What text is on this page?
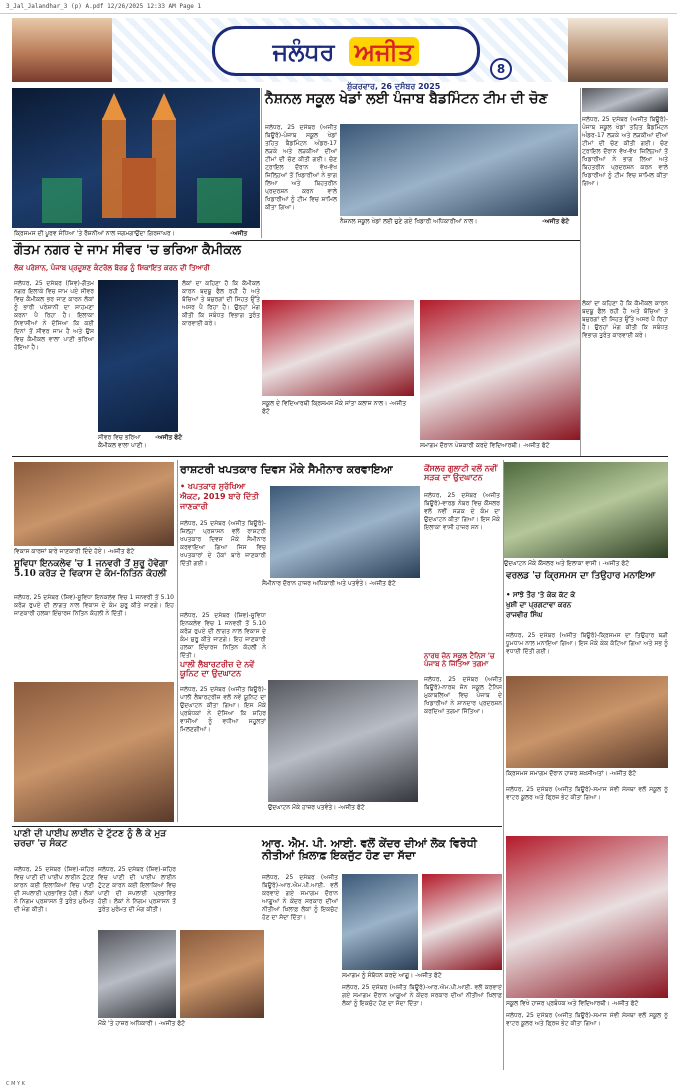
3_Jal_Jalandhar_3 (p) A.pdf 12/26/2025 12:33 AM Page 1
ਜਲੰਧਰ ਅਜੀਤ
ਸ਼ੁੱਕਰਵਾਰ, 26 ਦਸੰਬਰ 2025
8
ਕ੍ਰਿਸਮਸ ਦੀ ਪੂਰਵ ਸੰਧਿਆ 'ਤੇ ਰੌਸ਼ਨੀਆਂ ਨਾਲ ਜਗਮਗਾਉਂਦਾ ਗਿਰਜਾਘਰ।	-ਅਜੀਤ
ਨੈਸ਼ਨਲ ਸਕੂਲ ਖੇਡਾਂ ਲਈ ਪੰਜਾਬ ਬੈਡਮਿੰਟਨ ਟੀਮ ਦੀ ਚੋਣ
ਜਲੰਧਰ, 25 ਦਸੰਬਰ (ਅਜੀਤ ਬਿਊਰੋ)-ਪੰਜਾਬ ਸਕੂਲ ਖੇਡਾਂ ਤਹਿਤ ਬੈਡਮਿੰਟਨ ਅੰਡਰ-17 ਲੜਕੇ ਅਤੇ ਲੜਕੀਆਂ ਦੀਆਂ ਟੀਮਾਂ ਦੀ ਚੋਣ ਕੀਤੀ ਗਈ। ਚੋਣ ਟ੍ਰਾਇਲ ਦੌਰਾਨ ਵੱਖ-ਵੱਖ ਜ਼ਿਲ੍ਹਿਆਂ ਤੋਂ ਖਿਡਾਰੀਆਂ ਨੇ ਭਾਗ ਲਿਆ ਅਤੇ ਬਿਹਤਰੀਨ ਪ੍ਰਦਰਸ਼ਨ ਕਰਨ ਵਾਲੇ ਖਿਡਾਰੀਆਂ ਨੂੰ ਟੀਮ ਵਿਚ ਸ਼ਾਮਿਲ ਕੀਤਾ ਗਿਆ।
ਨੈਸ਼ਨਲ ਸਕੂਲ ਖੇਡਾਂ ਲਈ ਚੁਣੇ ਗਏ ਖਿਡਾਰੀ ਅਧਿਕਾਰੀਆਂ ਨਾਲ।	-ਅਜੀਤ ਫੋਟੋ
ਜਲੰਧਰ, 25 ਦਸੰਬਰ (ਅਜੀਤ ਬਿਊਰੋ)-ਪੰਜਾਬ ਸਕੂਲ ਖੇਡਾਂ ਤਹਿਤ ਬੈਡਮਿੰਟਨ ਅੰਡਰ-17 ਲੜਕੇ ਅਤੇ ਲੜਕੀਆਂ ਦੀਆਂ ਟੀਮਾਂ ਦੀ ਚੋਣ ਕੀਤੀ ਗਈ। ਚੋਣ ਟ੍ਰਾਇਲ ਦੌਰਾਨ ਵੱਖ-ਵੱਖ ਜ਼ਿਲ੍ਹਿਆਂ ਤੋਂ ਖਿਡਾਰੀਆਂ ਨੇ ਭਾਗ ਲਿਆ ਅਤੇ ਬਿਹਤਰੀਨ ਪ੍ਰਦਰਸ਼ਨ ਕਰਨ ਵਾਲੇ ਖਿਡਾਰੀਆਂ ਨੂੰ ਟੀਮ ਵਿਚ ਸ਼ਾਮਿਲ ਕੀਤਾ ਗਿਆ।
ਗੌਤਮ ਨਗਰ ਦੇ ਜਾਮ ਸੀਵਰ 'ਚ ਭਰਿਆ ਕੈਮੀਕਲ
ਲੋਕ ਪਰੇਸ਼ਾਨ, ਪੰਜਾਬ ਪ੍ਰਦੂਸ਼ਣ ਕੰਟਰੋਲ ਬੋਰਡ ਨੂੰ ਸ਼ਿਕਾਇਤ ਕਰਨ ਦੀ ਤਿਆਰੀ
ਜਲੰਧਰ, 25 ਦਸੰਬਰ (ਸ਼ਿਵ)-ਗੌਤਮ ਨਗਰ ਇਲਾਕੇ ਵਿਚ ਜਾਮ ਪਏ ਸੀਵਰ ਵਿਚ ਕੈਮੀਕਲ ਭਰ ਜਾਣ ਕਾਰਨ ਲੋਕਾਂ ਨੂੰ ਭਾਰੀ ਪਰੇਸ਼ਾਨੀ ਦਾ ਸਾਹਮਣਾ ਕਰਨਾ ਪੈ ਰਿਹਾ ਹੈ। ਇਲਾਕਾ ਨਿਵਾਸੀਆਂ ਨੇ ਦੱਸਿਆ ਕਿ ਕਈ ਦਿਨਾਂ ਤੋਂ ਸੀਵਰ ਜਾਮ ਹੈ ਅਤੇ ਉਸ ਵਿਚ ਕੈਮੀਕਲ ਵਾਲਾ ਪਾਣੀ ਭਰਿਆ ਹੋਇਆ ਹੈ।
ਸੀਵਰ ਵਿਚ ਭਰਿਆ ਕੈਮੀਕਲ ਵਾਲਾ ਪਾਣੀ।
-ਅਜੀਤ ਫੋਟੋ
ਲੋਕਾਂ ਦਾ ਕਹਿਣਾ ਹੈ ਕਿ ਕੈਮੀਕਲ ਕਾਰਨ ਬਦਬੂ ਫੈਲ ਰਹੀ ਹੈ ਅਤੇ ਬੱਚਿਆਂ ਤੇ ਬਜ਼ੁਰਗਾਂ ਦੀ ਸਿਹਤ ਉੱਤੇ ਅਸਰ ਪੈ ਰਿਹਾ ਹੈ। ਉਨ੍ਹਾਂ ਮੰਗ ਕੀਤੀ ਕਿ ਸਬੰਧਤ ਵਿਭਾਗ ਤੁਰੰਤ ਕਾਰਵਾਈ ਕਰੇ।
ਸਕੂਲ ਦੇ ਵਿਦਿਆਰਥੀ ਕ੍ਰਿਸਮਸ ਮੌਕੇ ਸਾਂਤਾ ਕਲਾਜ਼ ਨਾਲ। -ਅਜੀਤ ਫੋਟੋ
ਸਮਾਗਮ ਦੌਰਾਨ ਪੇਸ਼ਕਾਰੀ ਕਰਦੇ ਵਿਦਿਆਰਥੀ। -ਅਜੀਤ ਫੋਟੋ
ਲੋਕਾਂ ਦਾ ਕਹਿਣਾ ਹੈ ਕਿ ਕੈਮੀਕਲ ਕਾਰਨ ਬਦਬੂ ਫੈਲ ਰਹੀ ਹੈ ਅਤੇ ਬੱਚਿਆਂ ਤੇ ਬਜ਼ੁਰਗਾਂ ਦੀ ਸਿਹਤ ਉੱਤੇ ਅਸਰ ਪੈ ਰਿਹਾ ਹੈ। ਉਨ੍ਹਾਂ ਮੰਗ ਕੀਤੀ ਕਿ ਸਬੰਧਤ ਵਿਭਾਗ ਤੁਰੰਤ ਕਾਰਵਾਈ ਕਰੇ।
ਵਿਕਾਸ ਕਾਰਜਾਂ ਬਾਰੇ ਜਾਣਕਾਰੀ ਦਿੰਦੇ ਹੋਏ। -ਅਜੀਤ ਫੋਟੋ
ਰਾਸ਼ਟਰੀ ਖਪਤਕਾਰ ਦਿਵਸ ਮੌਕੇ ਸੈਮੀਨਾਰ ਕਰਵਾਇਆ
• ਖਪਤਕਾਰ ਸੁਰੱਖਿਆ ਐਕਟ, 2019 ਬਾਰੇ ਦਿੱਤੀ ਜਾਣਕਾਰੀ
ਜਲੰਧਰ, 25 ਦਸੰਬਰ (ਅਜੀਤ ਬਿਊਰੋ)-ਜ਼ਿਲ੍ਹਾ ਪ੍ਰਸ਼ਾਸਨ ਵਲੋਂ ਰਾਸ਼ਟਰੀ ਖਪਤਕਾਰ ਦਿਵਸ ਮੌਕੇ ਸੈਮੀਨਾਰ ਕਰਵਾਇਆ ਗਿਆ ਜਿਸ ਵਿਚ ਖਪਤਕਾਰਾਂ ਦੇ ਹੱਕਾਂ ਬਾਰੇ ਜਾਣਕਾਰੀ ਦਿੱਤੀ ਗਈ।
ਸੈਮੀਨਾਰ ਦੌਰਾਨ ਹਾਜ਼ਰ ਅਧਿਕਾਰੀ ਅਤੇ ਪਤਵੰਤੇ। -ਅਜੀਤ ਫੋਟੋ
ਕੌਂਸਲਰ ਗੁਲਾਟੀ ਵਲੋਂ ਨਵੀਂ ਸੜਕ ਦਾ ਉਦਘਾਟਨ
ਜਲੰਧਰ, 25 ਦਸੰਬਰ (ਅਜੀਤ ਬਿਊਰੋ)-ਵਾਰਡ ਨੰਬਰ ਵਿਚ ਕੌਂਸਲਰ ਵਲੋਂ ਨਵੀਂ ਸੜਕ ਦੇ ਕੰਮ ਦਾ ਉਦਘਾਟਨ ਕੀਤਾ ਗਿਆ। ਇਸ ਮੌਕੇ ਇਲਾਕਾ ਵਾਸੀ ਹਾਜ਼ਰ ਸਨ।
ਉਦਘਾਟਨ ਮੌਕੇ ਕੌਂਸਲਰ ਅਤੇ ਇਲਾਕਾ ਵਾਸੀ। -ਅਜੀਤ ਫੋਟੋ
ਸੂਵਿਧਾ ਇਨਕਲੇਵ 'ਚ 1 ਜਨਵਰੀ ਤੋਂ ਸ਼ੁਰੂ ਹੋਵੇਗਾ 5.10 ਕਰੋੜ ਦੇ ਵਿਕਾਸ ਦੇ ਕੰਮ-ਨਿਤਿਨ ਕੋਹਲੀ
ਜਲੰਧਰ, 25 ਦਸੰਬਰ (ਸ਼ਿਵ)-ਸੂਵਿਧਾ ਇਨਕਲੇਵ ਵਿਚ 1 ਜਨਵਰੀ ਤੋਂ 5.10 ਕਰੋੜ ਰੁਪਏ ਦੀ ਲਾਗਤ ਨਾਲ ਵਿਕਾਸ ਦੇ ਕੰਮ ਸ਼ੁਰੂ ਕੀਤੇ ਜਾਣਗੇ। ਇਹ ਜਾਣਕਾਰੀ ਹਲਕਾ ਇੰਚਾਰਜ ਨਿਤਿਨ ਕੋਹਲੀ ਨੇ ਦਿੱਤੀ।	ਜਲੰਧਰ, 25 ਦਸੰਬਰ (ਸ਼ਿਵ)-ਸੂਵਿਧਾ ਇਨਕਲੇਵ ਵਿਚ 1 ਜਨਵਰੀ ਤੋਂ 5.10 ਕਰੋੜ ਰੁਪਏ ਦੀ ਲਾਗਤ ਨਾਲ ਵਿਕਾਸ ਦੇ ਕੰਮ ਸ਼ੁਰੂ ਕੀਤੇ ਜਾਣਗੇ। ਇਹ ਜਾਣਕਾਰੀ ਹਲਕਾ ਇੰਚਾਰਜ ਨਿਤਿਨ ਕੋਹਲੀ ਨੇ ਦਿੱਤੀ।
ਵਰਲਡ 'ਚ ਕ੍ਰਿਸਮਸ ਦਾ ਤਿਉਹਾਰ ਮਨਾਇਆ
• ਸਾਂਝੇ ਤੌਰ 'ਤੇ ਕੇਕ ਕੱਟ ਕੇ ਖੁਸ਼ੀ ਦਾ ਪ੍ਰਗਟਾਵਾ ਕਰਨ ਰਾਜਵੀਰ ਸਿੰਘ
ਜਲੰਧਰ, 25 ਦਸੰਬਰ (ਅਜੀਤ ਬਿਊਰੋ)-ਕ੍ਰਿਸਮਸ ਦਾ ਤਿਉਹਾਰ ਬੜੀ ਧੂਮਧਾਮ ਨਾਲ ਮਨਾਇਆ ਗਿਆ। ਇਸ ਮੌਕੇ ਕੇਕ ਕੱਟਿਆ ਗਿਆ ਅਤੇ ਸਭ ਨੂੰ ਵਧਾਈ ਦਿੱਤੀ ਗਈ।
ਕ੍ਰਿਸਮਸ ਸਮਾਗਮ ਦੌਰਾਨ ਹਾਜ਼ਰ ਸ਼ਖ਼ਸੀਅਤਾਂ। -ਅਜੀਤ ਫੋਟੋ
ਪਾਲੀ ਲੈਬਾਰਟਰੀਜ਼ ਦੇ ਨਵੇਂ ਯੂਨਿਟ ਦਾ ਉਦਘਾਟਨ
ਜਲੰਧਰ, 25 ਦਸੰਬਰ (ਅਜੀਤ ਬਿਊਰੋ)-ਪਾਲੀ ਲੈਬਾਰਟਰੀਜ਼ ਵਲੋਂ ਨਵੇਂ ਯੂਨਿਟ ਦਾ ਉਦਘਾਟਨ ਕੀਤਾ ਗਿਆ। ਇਸ ਮੌਕੇ ਪ੍ਰਬੰਧਕਾਂ ਨੇ ਦੱਸਿਆ ਕਿ ਸ਼ਹਿਰ ਵਾਸੀਆਂ ਨੂੰ ਵਧੀਆ ਸਹੂਲਤਾਂ ਮਿਲਣਗੀਆਂ।
ਉਦਘਾਟਨ ਮੌਕੇ ਹਾਜ਼ਰ ਪਤਵੰਤੇ। -ਅਜੀਤ ਫੋਟੋ
ਨਾਰਥ ਜ਼ੋਨ ਸਕੂਲ ਟੈਨਿਸ 'ਚ ਪੰਜਾਬ ਨੇ ਜਿੱਤਿਆ ਤਗਮਾ
ਜਲੰਧਰ, 25 ਦਸੰਬਰ (ਅਜੀਤ ਬਿਊਰੋ)-ਨਾਰਥ ਜ਼ੋਨ ਸਕੂਲ ਟੈਨਿਸ ਮੁਕਾਬਲਿਆਂ ਵਿਚ ਪੰਜਾਬ ਦੇ ਖਿਡਾਰੀਆਂ ਨੇ ਸ਼ਾਨਦਾਰ ਪ੍ਰਦਰਸ਼ਨ ਕਰਦਿਆਂ ਤਗਮਾ ਜਿੱਤਿਆ।
ਪਾਣੀ ਦੀ ਪਾਈਪ ਲਾਈਨ ਦੇ ਟੁੱਟਣ ਨੂੰ ਲੈ ਕੇ ਮੁੜ ਚਰਚਾ 'ਚ ਸੰਕਟ
ਜਲੰਧਰ, 25 ਦਸੰਬਰ (ਸ਼ਿਵ)-ਸ਼ਹਿਰ ਵਿਚ ਪਾਣੀ ਦੀ ਪਾਈਪ ਲਾਈਨ ਟੁੱਟਣ ਕਾਰਨ ਕਈ ਇਲਾਕਿਆਂ ਵਿਚ ਪਾਣੀ ਦੀ ਸਪਲਾਈ ਪ੍ਰਭਾਵਿਤ ਹੋਈ। ਲੋਕਾਂ ਨੇ ਨਿਗਮ ਪ੍ਰਸ਼ਾਸਨ ਤੋਂ ਤੁਰੰਤ ਮੁਰੰਮਤ ਦੀ ਮੰਗ ਕੀਤੀ।
ਜਲੰਧਰ, 25 ਦਸੰਬਰ (ਸ਼ਿਵ)-ਸ਼ਹਿਰ ਵਿਚ ਪਾਣੀ ਦੀ ਪਾਈਪ ਲਾਈਨ ਟੁੱਟਣ ਕਾਰਨ ਕਈ ਇਲਾਕਿਆਂ ਵਿਚ ਪਾਣੀ ਦੀ ਸਪਲਾਈ ਪ੍ਰਭਾਵਿਤ ਹੋਈ। ਲੋਕਾਂ ਨੇ ਨਿਗਮ ਪ੍ਰਸ਼ਾਸਨ ਤੋਂ ਤੁਰੰਤ ਮੁਰੰਮਤ ਦੀ ਮੰਗ ਕੀਤੀ।
ਮੌਕੇ 'ਤੇ ਹਾਜ਼ਰ ਅਧਿਕਾਰੀ। -ਅਜੀਤ ਫੋਟੋ
ਆਰ. ਐਮ. ਪੀ. ਆਈ. ਵਲੋਂ ਕੇਂਦਰ ਦੀਆਂ ਲੋਕ ਵਿਰੋਧੀ ਨੀਤੀਆਂ ਖ਼ਿਲਾਫ਼ ਇਕਜੁੱਟ ਹੋਣ ਦਾ ਸੱਦਾ
ਜਲੰਧਰ, 25 ਦਸੰਬਰ (ਅਜੀਤ ਬਿਊਰੋ)-ਆਰ.ਐਮ.ਪੀ.ਆਈ. ਵਲੋਂ ਕਰਵਾਏ ਗਏ ਸਮਾਗਮ ਦੌਰਾਨ ਆਗੂਆਂ ਨੇ ਕੇਂਦਰ ਸਰਕਾਰ ਦੀਆਂ ਨੀਤੀਆਂ ਖ਼ਿਲਾਫ਼ ਲੋਕਾਂ ਨੂੰ ਇਕਜੁੱਟ ਹੋਣ ਦਾ ਸੱਦਾ ਦਿੱਤਾ।
ਸਮਾਗਮ ਨੂੰ ਸੰਬੋਧਨ ਕਰਦੇ ਆਗੂ। -ਅਜੀਤ ਫੋਟੋ
ਜਲੰਧਰ, 25 ਦਸੰਬਰ (ਅਜੀਤ ਬਿਊਰੋ)-ਆਰ.ਐਮ.ਪੀ.ਆਈ. ਵਲੋਂ ਕਰਵਾਏ ਗਏ ਸਮਾਗਮ ਦੌਰਾਨ ਆਗੂਆਂ ਨੇ ਕੇਂਦਰ ਸਰਕਾਰ ਦੀਆਂ ਨੀਤੀਆਂ ਖ਼ਿਲਾਫ਼ ਲੋਕਾਂ ਨੂੰ ਇਕਜੁੱਟ ਹੋਣ ਦਾ ਸੱਦਾ ਦਿੱਤਾ।
ਜਲੰਧਰ, 25 ਦਸੰਬਰ (ਅਜੀਤ ਬਿਊਰੋ)-ਸਮਾਜ ਸੇਵੀ ਸੰਸਥਾ ਵਲੋਂ ਸਕੂਲ ਨੂੰ ਵਾਟਰ ਕੂਲਰ ਅਤੇ ਫ੍ਰਿਜ਼ ਭੇਟ ਕੀਤਾ ਗਿਆ।
ਸਕੂਲ ਵਿਖੇ ਹਾਜ਼ਰ ਪ੍ਰਬੰਧਕ ਅਤੇ ਵਿਦਿਆਰਥੀ। -ਅਜੀਤ ਫੋਟੋ
ਜਲੰਧਰ, 25 ਦਸੰਬਰ (ਅਜੀਤ ਬਿਊਰੋ)-ਸਮਾਜ ਸੇਵੀ ਸੰਸਥਾ ਵਲੋਂ ਸਕੂਲ ਨੂੰ ਵਾਟਰ ਕੂਲਰ ਅਤੇ ਫ੍ਰਿਜ਼ ਭੇਟ ਕੀਤਾ ਗਿਆ।
C M Y K
